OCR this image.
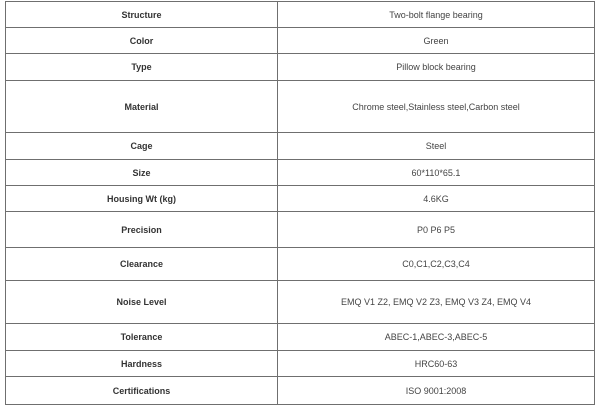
Structure	Two-bolt flange bearing
Color	Green
Type	Pillow block bearing
Material	Chrome steel,Stainless steel,Carbon steel
Cage	Steel
Size	60*110*65.1
Housing Wt (kg)	4.6KG
Precision	P0 P6 P5
Clearance	C0,C1,C2,C3,C4
Noise Level	EMQ V1 Z2, EMQ V2 Z3, EMQ V3 Z4, EMQ V4
Tolerance	ABEC-1,ABEC-3,ABEC-5
Hardness	HRC60-63
Certifications	ISO 9001:2008
